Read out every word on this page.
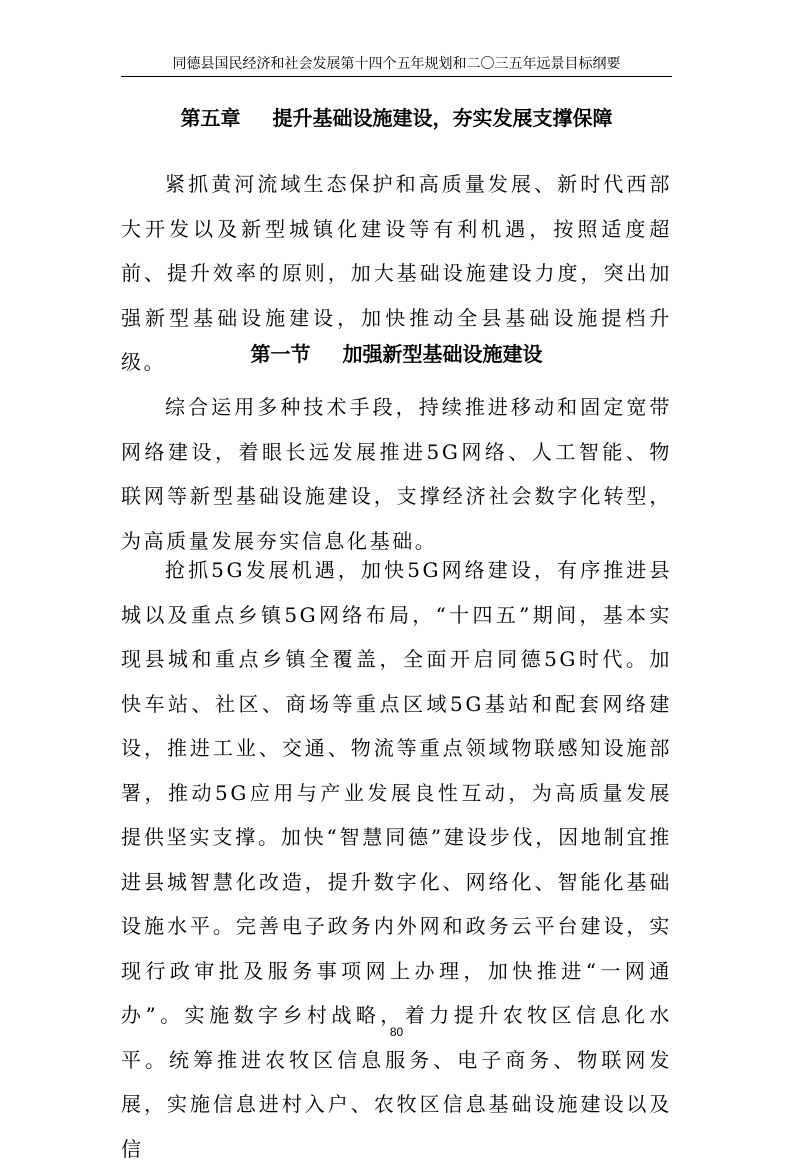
同德县国民经济和社会发展第十四个五年规划和二〇三五年远景目标纲要
第五章 提升基础设施建设，夯实发展支撑保障

紧抓黄河流域生态保护和高质量发展、新时代西部大开发以及新型城镇化建设等有利机遇，按照适度超前、提升效率的原则，加大基础设施建设力度，突出加强新型基础设施建设，加快推动全县基础设施提档升级。	第一节 加强新型基础设施建设

综合运用多种技术手段，持续推进移动和固定宽带网络建设，着眼长远发展推进5G网络、人工智能、物联网等新型基础设施建设，支撑经济社会数字化转型，为高质量发展夯实信息化基础。

抢抓5G发展机遇，加快5G网络建设，有序推进县城以及重点乡镇5G网络布局，“十四五”期间，基本实现县城和重点乡镇全覆盖，全面开启同德5G时代。加快车站、社区、商场等重点区域5G基站和配套网络建设，推进工业、交通、物流等重点领域物联感知设施部署，推动5G应用与产业发展良性互动，为高质量发展提供坚实支撑。加快“智慧同德”建设步伐，因地制宜推进县城智慧化改造，提升数字化、网络化、智能化基础设施水平。完善电子政务内外网和政务云平台建设，实现行政审批及服务事项网上办理，加快推进“一网通办”。实施数字乡村战略，着力提升农牧区信息化水平。统筹推进农牧区信息服务、电子商务、物联网发展，实施信息进村入户、农牧区信息基础设施建设以及信

80
